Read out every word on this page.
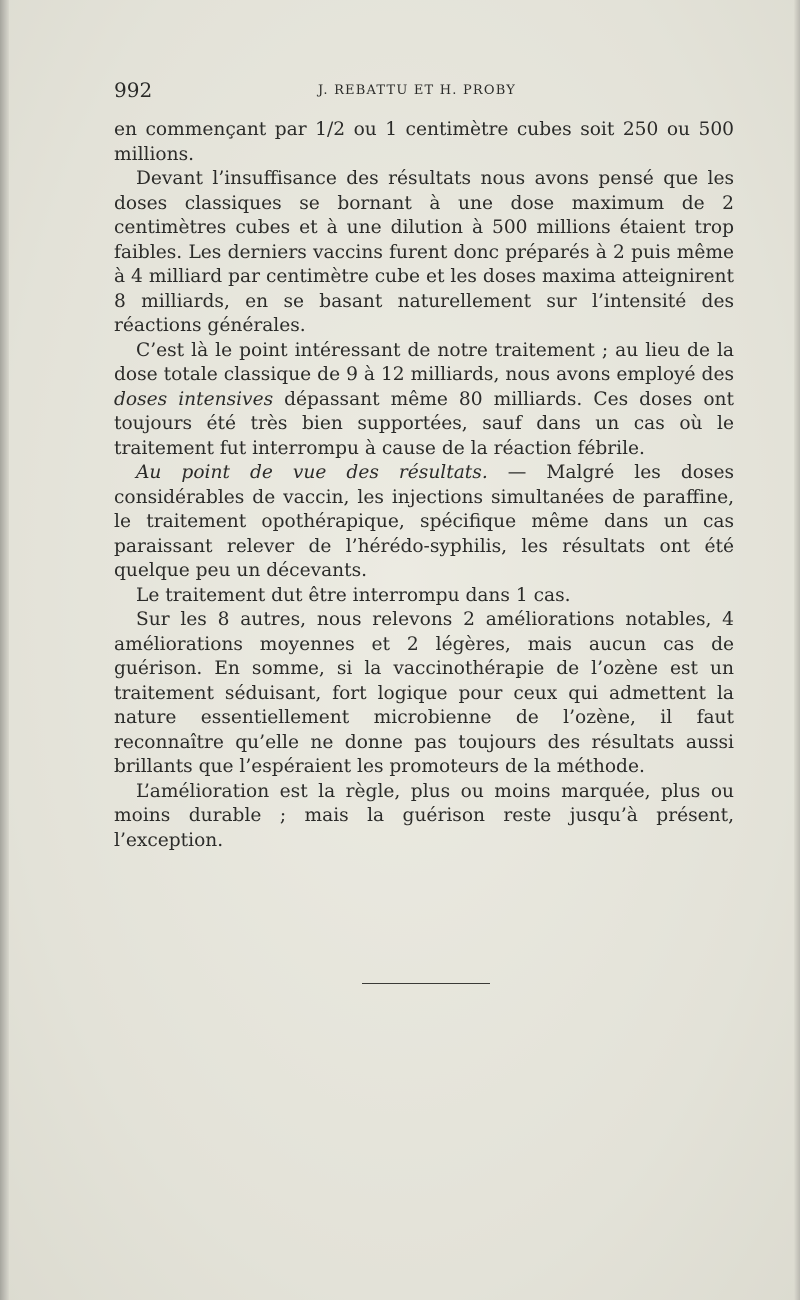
992	J. REBATTU ET H. PROBY

en commençant par 1/2 ou 1 centimètre cubes soit 250 ou 500 millions.

Devant l’insuffisance des résultats nous avons pensé que les doses classiques se bornant à une dose maximum de 2 centimètres cubes et à une dilution à 500 millions étaient trop faibles. Les derniers vaccins furent donc préparés à 2 puis même à 4 milliard par centimètre cube et les doses maxima atteignirent 8 milliards, en se basant naturellement sur l’intensité des réactions générales.

C’est là le point intéressant de notre traitement ; au lieu de la dose totale classique de 9 à 12 milliards, nous avons employé des doses intensives dépassant même 80 milliards. Ces doses ont toujours été très bien supportées, sauf dans un cas où le traitement fut interrompu à cause de la réaction fébrile.

Au point de vue des résultats. — Malgré les doses considérables de vaccin, les injections simultanées de paraffine, le traitement opothérapique, spécifique même dans un cas paraissant relever de l’hérédo-syphilis, les résultats ont été quelque peu un décevants.

Le traitement dut être interrompu dans 1 cas.

Sur les 8 autres, nous relevons 2 améliorations notables, 4 améliorations moyennes et 2 légères, mais aucun cas de guérison. En somme, si la vaccinothérapie de l’ozène est un traitement séduisant, fort logique pour ceux qui admettent la nature essentiellement microbienne de l’ozène, il faut reconnaître qu’elle ne donne pas toujours des résultats aussi brillants que l’espéraient les promoteurs de la méthode.

L’amélioration est la règle, plus ou moins marquée, plus ou moins durable ; mais la guérison reste jusqu’à présent, l’exception.
